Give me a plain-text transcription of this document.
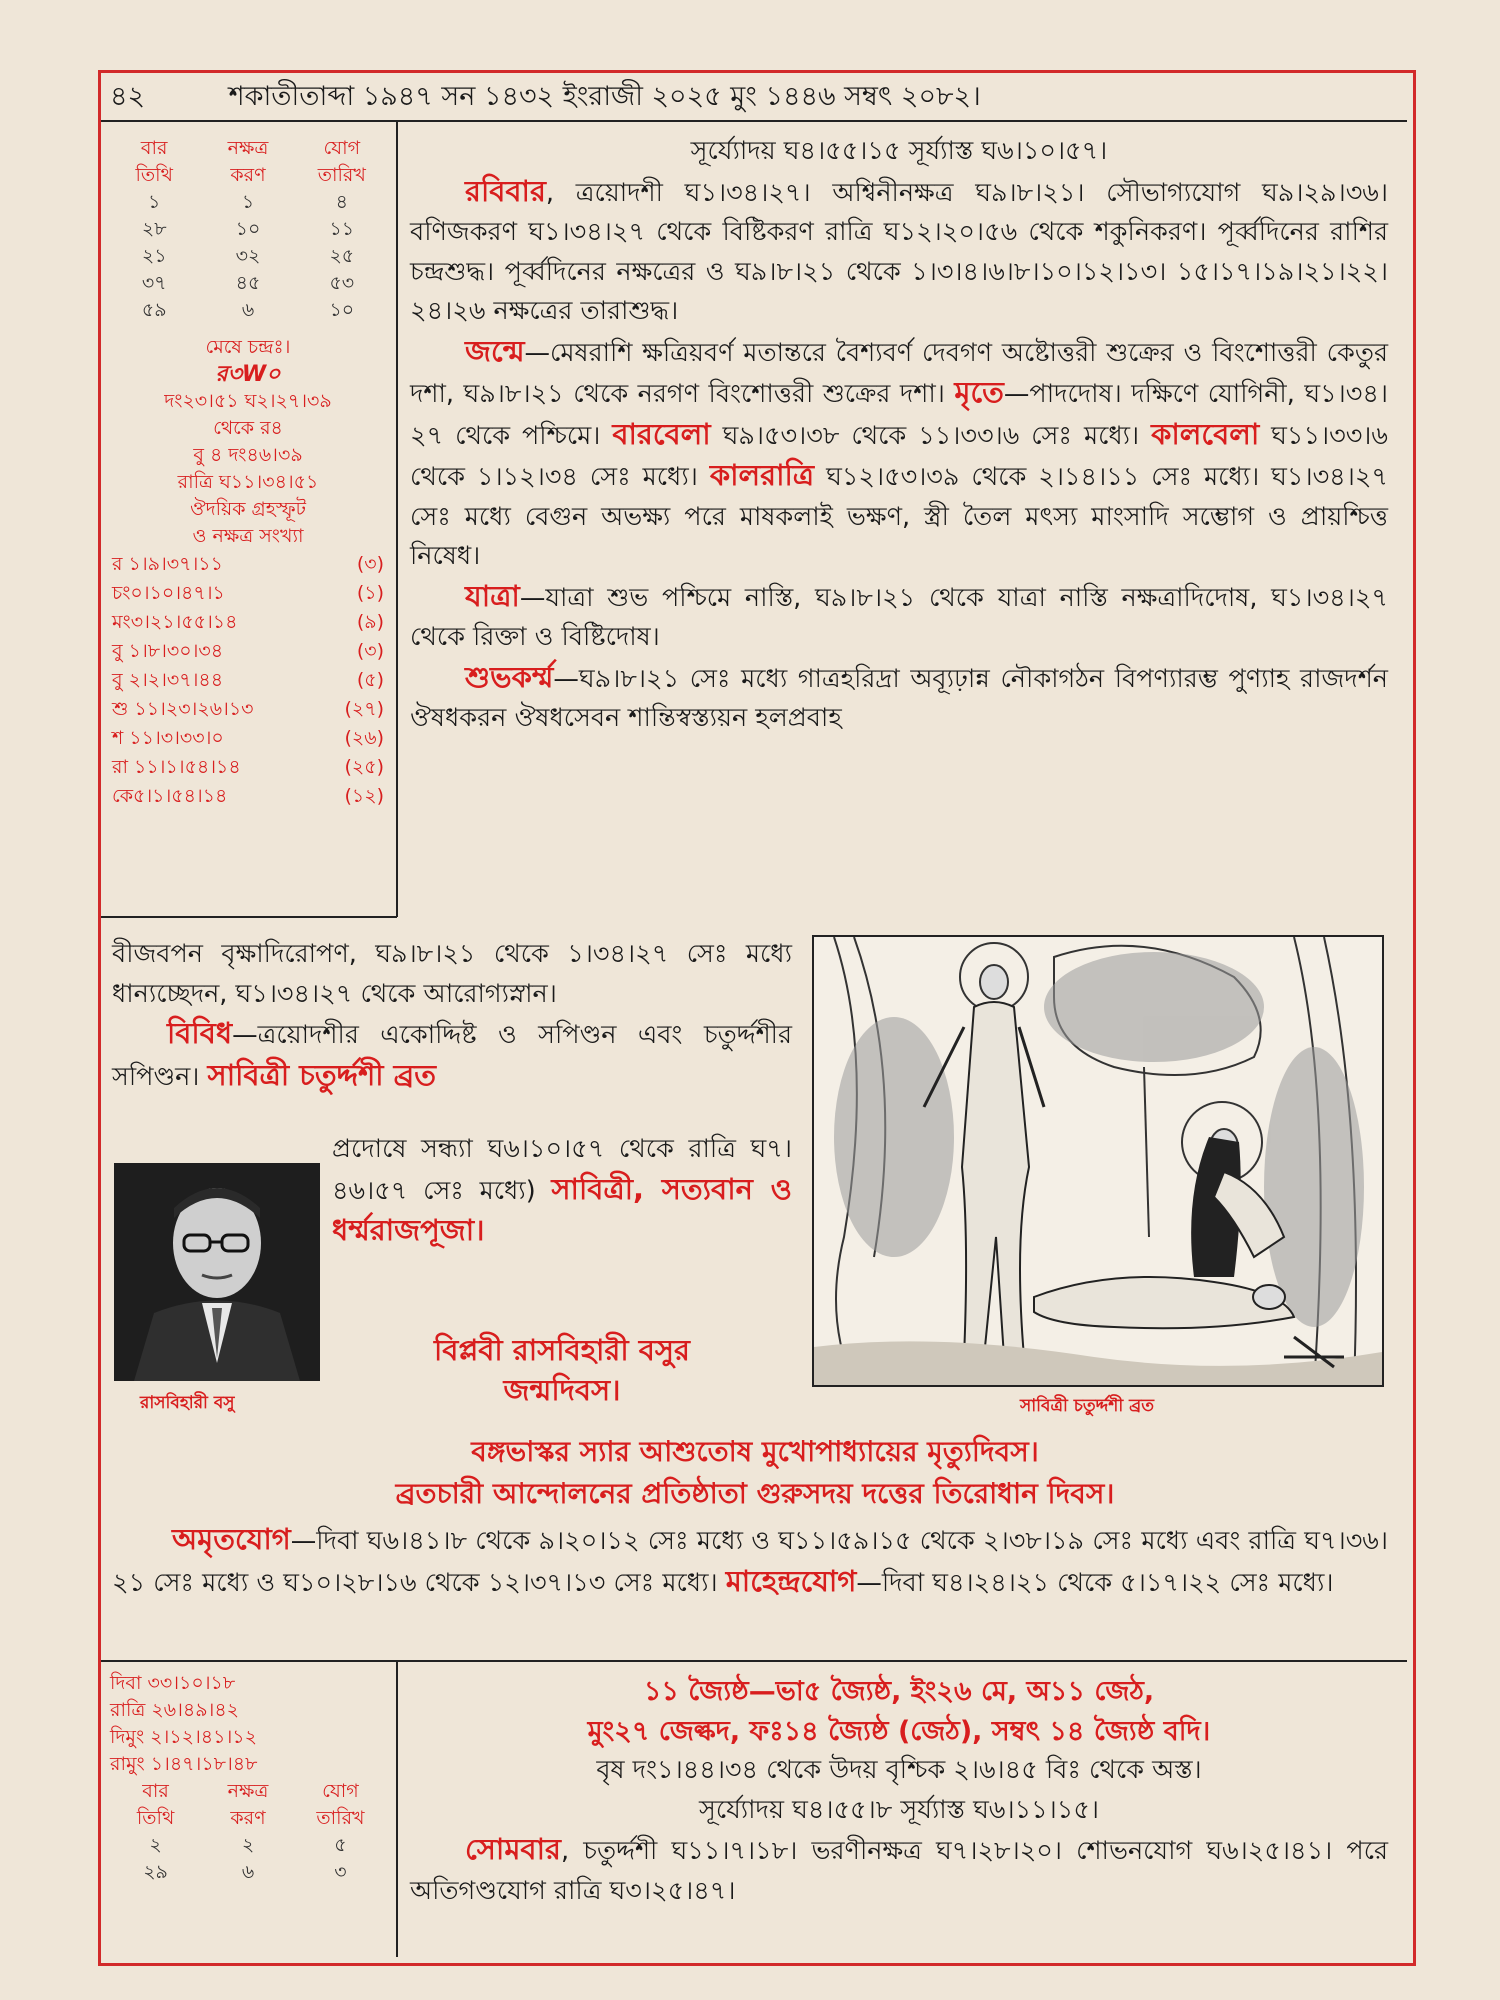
৪২	শকাতীতাব্দা ১৯৪৭ সন ১৪৩২ ইংরাজী ২০২৫ মুং ১৪৪৬ সম্বৎ ২০৮২।
বার	নক্ষত্র	যোগ
তিথি	করণ	তারিখ
১	১	৪
২৮	১০	১১
২১	৩২	২৫
৩৭	৪৫	৫৩
৫৯	৬	১০
মেষে চন্দ্রঃ।
র৩W০
দং২৩।৫১ ঘ২।২৭।৩৯
থেকে র৪
বু ৪ দং৪৬।৩৯
রাত্রি ঘ১১।৩৪।৫১
ঔদয়িক গ্রহস্ফূট
ও নক্ষত্র সংখ্যা
র ১।৯।৩৭।১১	(৩)
চং০।১০।৪৭।১	(১)
মং৩।২১।৫৫।১৪	(৯)
বু ১।৮।৩০।৩৪	(৩)
বু ২।২।৩৭।৪৪	(৫)
শু ১১।২৩।২৬।১৩	(২৭)
শ ১১।৩।৩৩।০	(২৬)
রা ১১।১।৫৪।১৪	(২৫)
কে৫।১।৫৪।১৪	(১২)

সূর্য্যোদয় ঘ৪।৫৫।১৫ সূর্য্যাস্ত ঘ৬।১০।৫৭।

রবিবার, ত্রয়োদশী ঘ১।৩৪।২৭। অশ্বিনীনক্ষত্র ঘ৯।৮।২১। সৌভাগ্যযোগ ঘ৯।২৯।৩৬। বণিজকরণ ঘ১।৩৪।২৭ থেকে বিষ্টিকরণ রাত্রি ঘ১২।২০।৫৬ থেকে শকুনিকরণ। পূর্ব্বদিনের রাশির চন্দ্রশুদ্ধ। পূর্ব্বদিনের নক্ষত্রের ও ঘ৯।৮।২১ থেকে ১।৩।৪।৬।৮।১০।১২।১৩। ১৫।১৭।১৯।২১।২২।২৪।২৬ নক্ষত্রের তারাশুদ্ধ।

জন্মে—মেষরাশি ক্ষত্রিয়বর্ণ মতান্তরে বৈশ্যবর্ণ দেবগণ অষ্টোত্তরী শুক্রের ও বিংশোত্তরী কেতুর দশা, ঘ৯।৮।২১ থেকে নরগণ বিংশোত্তরী শুক্রের দশা। মৃতে—পাদদোষ। দক্ষিণে যোগিনী, ঘ১।৩৪।২৭ থেকে পশ্চিমে। বারবেলা ঘ৯।৫৩।৩৮ থেকে ১১।৩৩।৬ সেঃ মধ্যে। কালবেলা ঘ১১।৩৩।৬ থেকে ১।১২।৩৪ সেঃ মধ্যে। কালরাত্রি ঘ১২।৫৩।৩৯ থেকে ২।১৪।১১ সেঃ মধ্যে। ঘ১।৩৪।২৭ সেঃ মধ্যে বেগুন অভক্ষ্য পরে মাষকলাই ভক্ষণ, স্ত্রী তৈল মৎস্য মাংসাদি সম্ভোগ ও প্রায়শ্চিত্ত নিষেধ।

যাত্রা—যাত্রা শুভ পশ্চিমে নাস্তি, ঘ৯।৮।২১ থেকে যাত্রা নাস্তি নক্ষত্রাদিদোষ, ঘ১।৩৪।২৭ থেকে রিক্তা ও বিষ্টিদোষ।

শুভকর্ম্ম—ঘ৯।৮।২১ সেঃ মধ্যে গাত্রহরিদ্রা অব্যূঢ়ান্ন নৌকাগঠন বিপণ্যারম্ভ পুণ্যাহ রাজদর্শন ঔষধকরন ঔষধসেবন শান্তিস্বস্ত্যয়ন হলপ্রবাহ

বীজবপন বৃক্ষাদিরোপণ, ঘ৯।৮।২১ থেকে ১।৩৪।২৭ সেঃ মধ্যে ধান্যচ্ছেদন, ঘ১।৩৪।২৭ থেকে আরোগ্যস্নান।

বিবিধ—ত্রয়োদশীর একোদ্দিষ্ট ও সপিণ্ডন এবং চতুর্দ্দশীর সপিণ্ডন। সাবিত্রী চতুর্দ্দশী ব্রত

রাসবিহারী বসু

প্রদোষে সন্ধ্যা ঘ৬।১০।৫৭ থেকে রাত্রি ঘ৭।৪৬।৫৭ সেঃ মধ্যে) সাবিত্রী, সত্যবান ও ধর্ম্মরাজপূজা।
বিপ্লবী রাসবিহারী বসুর
জন্মদিবস।	সাবিত্রী চতুর্দ্দশী ব্রত
বঙ্গভাস্কর স্যার আশুতোষ মুখোপাধ্যায়ের মৃত্যুদিবস।
ব্রতচারী আন্দোলনের প্রতিষ্ঠাতা গুরুসদয় দত্তের তিরোধান দিবস।

অমৃতযোগ—দিবা ঘ৬।৪১।৮ থেকে ৯।২০।১২ সেঃ মধ্যে ও ঘ১১।৫৯।১৫ থেকে ২।৩৮।১৯ সেঃ মধ্যে এবং রাত্রি ঘ৭।৩৬।২১ সেঃ মধ্যে ও ঘ১০।২৮।১৬ থেকে ১২।৩৭।১৩ সেঃ মধ্যে। মাহেন্দ্রযোগ—দিবা ঘ৪।২৪।২১ থেকে ৫।১৭।২২ সেঃ মধ্যে।

দিবা ৩৩।১০।১৮
রাত্রি ২৬।৪৯।৪২
দিমুং ২।১২।৪১।১২
রামুং ১।৪৭।১৮।৪৮
বার	নক্ষত্র	যোগ
তিথি	করণ	তারিখ
২	২	৫
২৯	৬	৩

১১ জ্যৈষ্ঠ—ভা৫ জ্যৈষ্ঠ, ইং২৬ মে, অ১১ জেঠ,

মুং২৭ জেল্কদ, ফঃ১৪ জ্যৈষ্ঠ (জেঠ), সম্বৎ ১৪ জ্যৈষ্ঠ বদি।

বৃষ দং১।৪৪।৩৪ থেকে উদয় বৃশ্চিক ২।৬।৪৫ বিঃ থেকে অস্ত।

সূর্য্যোদয় ঘ৪।৫৫।৮ সূর্য্যাস্ত ঘ৬।১১।১৫।

সোমবার, চতুর্দ্দশী ঘ১১।৭।১৮। ভরণীনক্ষত্র ঘ৭।২৮।২০। শোভনযোগ ঘ৬।২৫।৪১। পরে অতিগণ্ডযোগ রাত্রি ঘ৩।২৫।৪৭।
